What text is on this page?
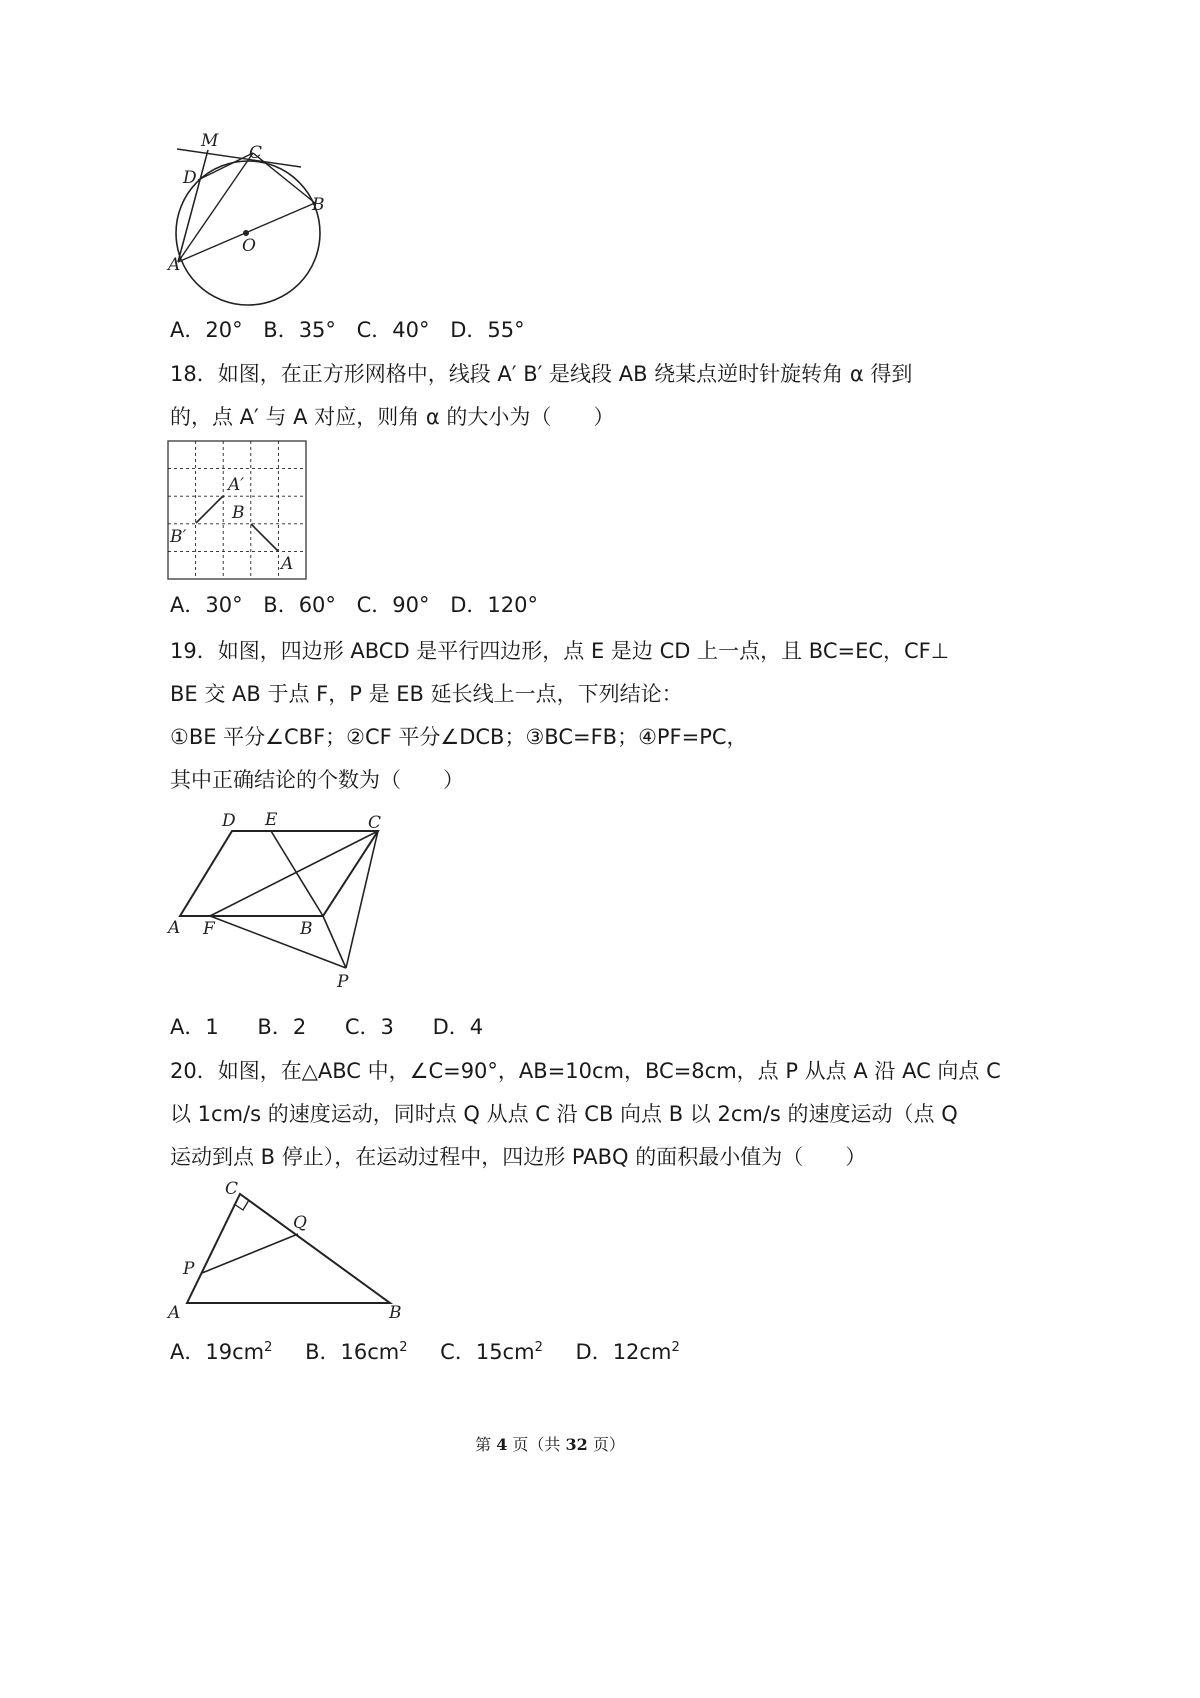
M
C
D
B
O
A
A．20° B．35° C．40° D．55°
18．如图，在正方形网格中，线段 A′ B′ 是线段 AB 绕某点逆时针旋转角 α 得到
的，点 A′ 与 A 对应，则角 α 的大小为（　　）
A′
B
B′
A
A．30° B．60° C．90° D．120°
19．如图，四边形 ABCD 是平行四边形，点 E 是边 CD 上一点，且 BC=EC，CF⊥
BE 交 AB 于点 F，P 是 EB 延长线上一点，下列结论：
①BE 平分∠CBF；②CF 平分∠DCB；③BC=FB；④PF=PC，
其中正确结论的个数为（　　）
D E	C
A F	B
P
A．1 B．2 C．3 D．4
20．如图，在△ABC 中，∠C=90°，AB=10cm，BC=8cm，点 P 从点 A 沿 AC 向点 C
以 1cm/s 的速度运动，同时点 Q 从点 C 沿 CB 向点 B 以 2cm/s 的速度运动（点 Q
运动到点 B 停止），在运动过程中，四边形 PABQ 的面积最小值为（　　）
C
Q
P
A	B
A．$19cm^2$ B．$16cm^2$ C．$15cm^2$ D．$12cm^2$
第 4 页（共 32 页）
